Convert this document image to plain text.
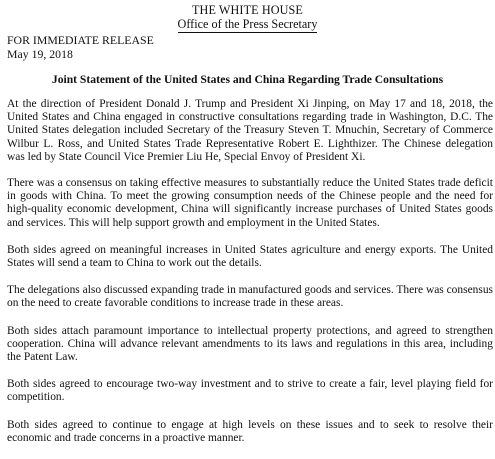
THE WHITE HOUSE
Office of the Press Secretary
FOR IMMEDIATE RELEASE
May 19, 2018
Joint Statement of the United States and China Regarding Trade Consultations

At the direction of President Donald J. Trump and President Xi Jinping, on May 17 and 18, 2018, the United States and China engaged in constructive consultations regarding trade in Washington, D.C. The United States delegation included Secretary of the Treasury Steven T. Mnuchin, Secretary of Commerce Wilbur L. Ross, and United States Trade Representative Robert E. Lighthizer. The Chinese delegation was led by State Council Vice Premier Liu He, Special Envoy of President Xi.

There was a consensus on taking effective measures to substantially reduce the United States trade deficit in goods with China. To meet the growing consumption needs of the Chinese people and the need for high-quality economic development, China will significantly increase purchases of United States goods and services. This will help support growth and employment in the United States.

Both sides agreed on meaningful increases in United States agriculture and energy exports. The United States will send a team to China to work out the details.

The delegations also discussed expanding trade in manufactured goods and services. There was consensus on the need to create favorable conditions to increase trade in these areas.

Both sides attach paramount importance to intellectual property protections, and agreed to strengthen cooperation. China will advance relevant amendments to its laws and regulations in this area, including the Patent Law.

Both sides agreed to encourage two-way investment and to strive to create a fair, level playing field for competition.

Both sides agreed to continue to engage at high levels on these issues and to seek to resolve their economic and trade concerns in a proactive manner.
